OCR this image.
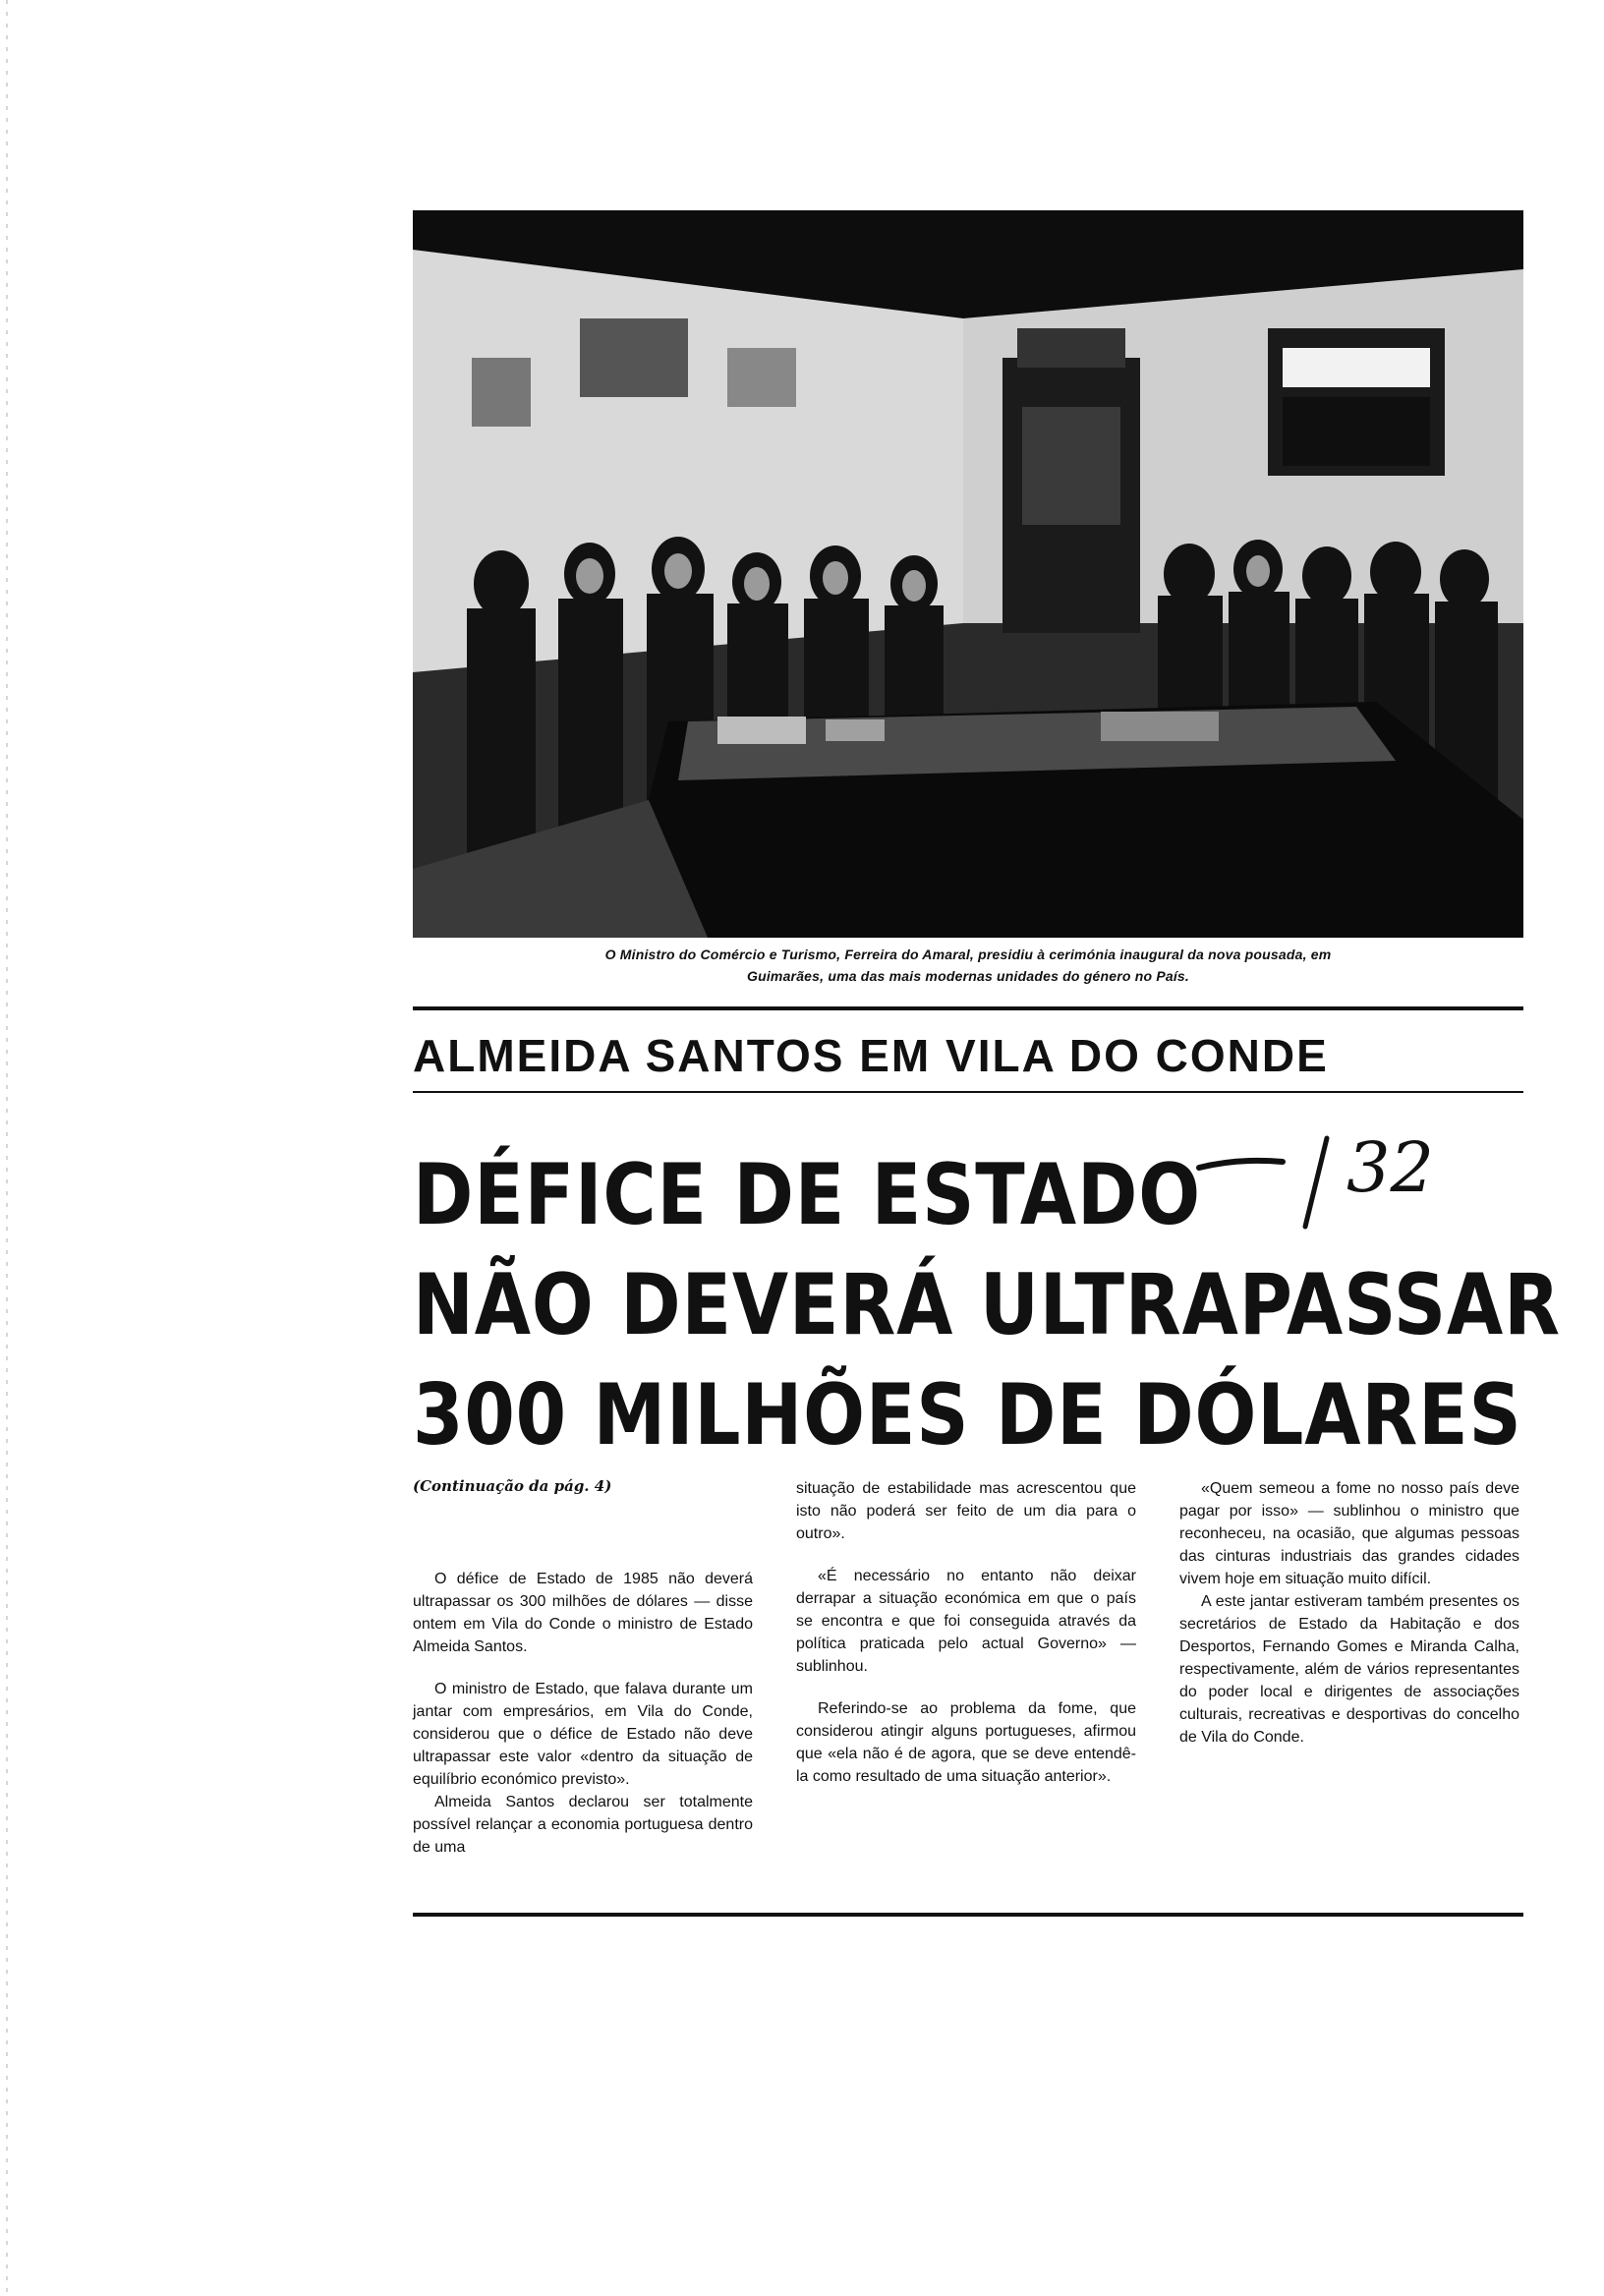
O Ministro do Comércio e Turismo, Ferreira do Amaral, presidiu à cerimónia inaugural da nova pousada, em
Guimarães, uma das mais modernas unidades do género no País.
ALMEIDA SANTOS EM VILA DO CONDE
DÉFICE DE ESTADO
NÃO DEVERÁ ULTRAPASSAR
300 MILHÕES DE DÓLARES
32
(Continuação da pág. 4)

O défice de Estado de 1985 não deverá ultrapassar os 300 milhões de dólares — disse ontem em Vila do Conde o ministro de Estado Almeida Santos.

O ministro de Estado, que falava durante um jantar com empresários, em Vila do Conde, considerou que o défice de Estado não deve ultrapassar este valor «dentro da situação de equilíbrio económico previsto».

Almeida Santos declarou ser totalmente possível relançar a economia portuguesa dentro de uma

situação de estabilidade mas acrescentou que isto não poderá ser feito de um dia para o outro».

«É necessário no entanto não deixar derrapar a situação económica em que o país se encontra e que foi conseguida através da política praticada pelo actual Governo» — sublinhou.

Referindo-se ao problema da fome, que considerou atingir alguns portugueses, afirmou que «ela não é de agora, que se deve entendê-la como resultado de uma situação anterior».

«Quem semeou a fome no nosso país deve pagar por isso» — sublinhou o ministro que reconheceu, na ocasião, que algumas pessoas das cinturas industriais das grandes cidades vivem hoje em situação muito difícil.

A este jantar estiveram também presentes os secretários de Estado da Habitação e dos Desportos, Fernando Gomes e Miranda Calha, respectivamente, além de vários representantes do poder local e dirigentes de associações culturais, recreativas e desportivas do concelho de Vila do Conde.
